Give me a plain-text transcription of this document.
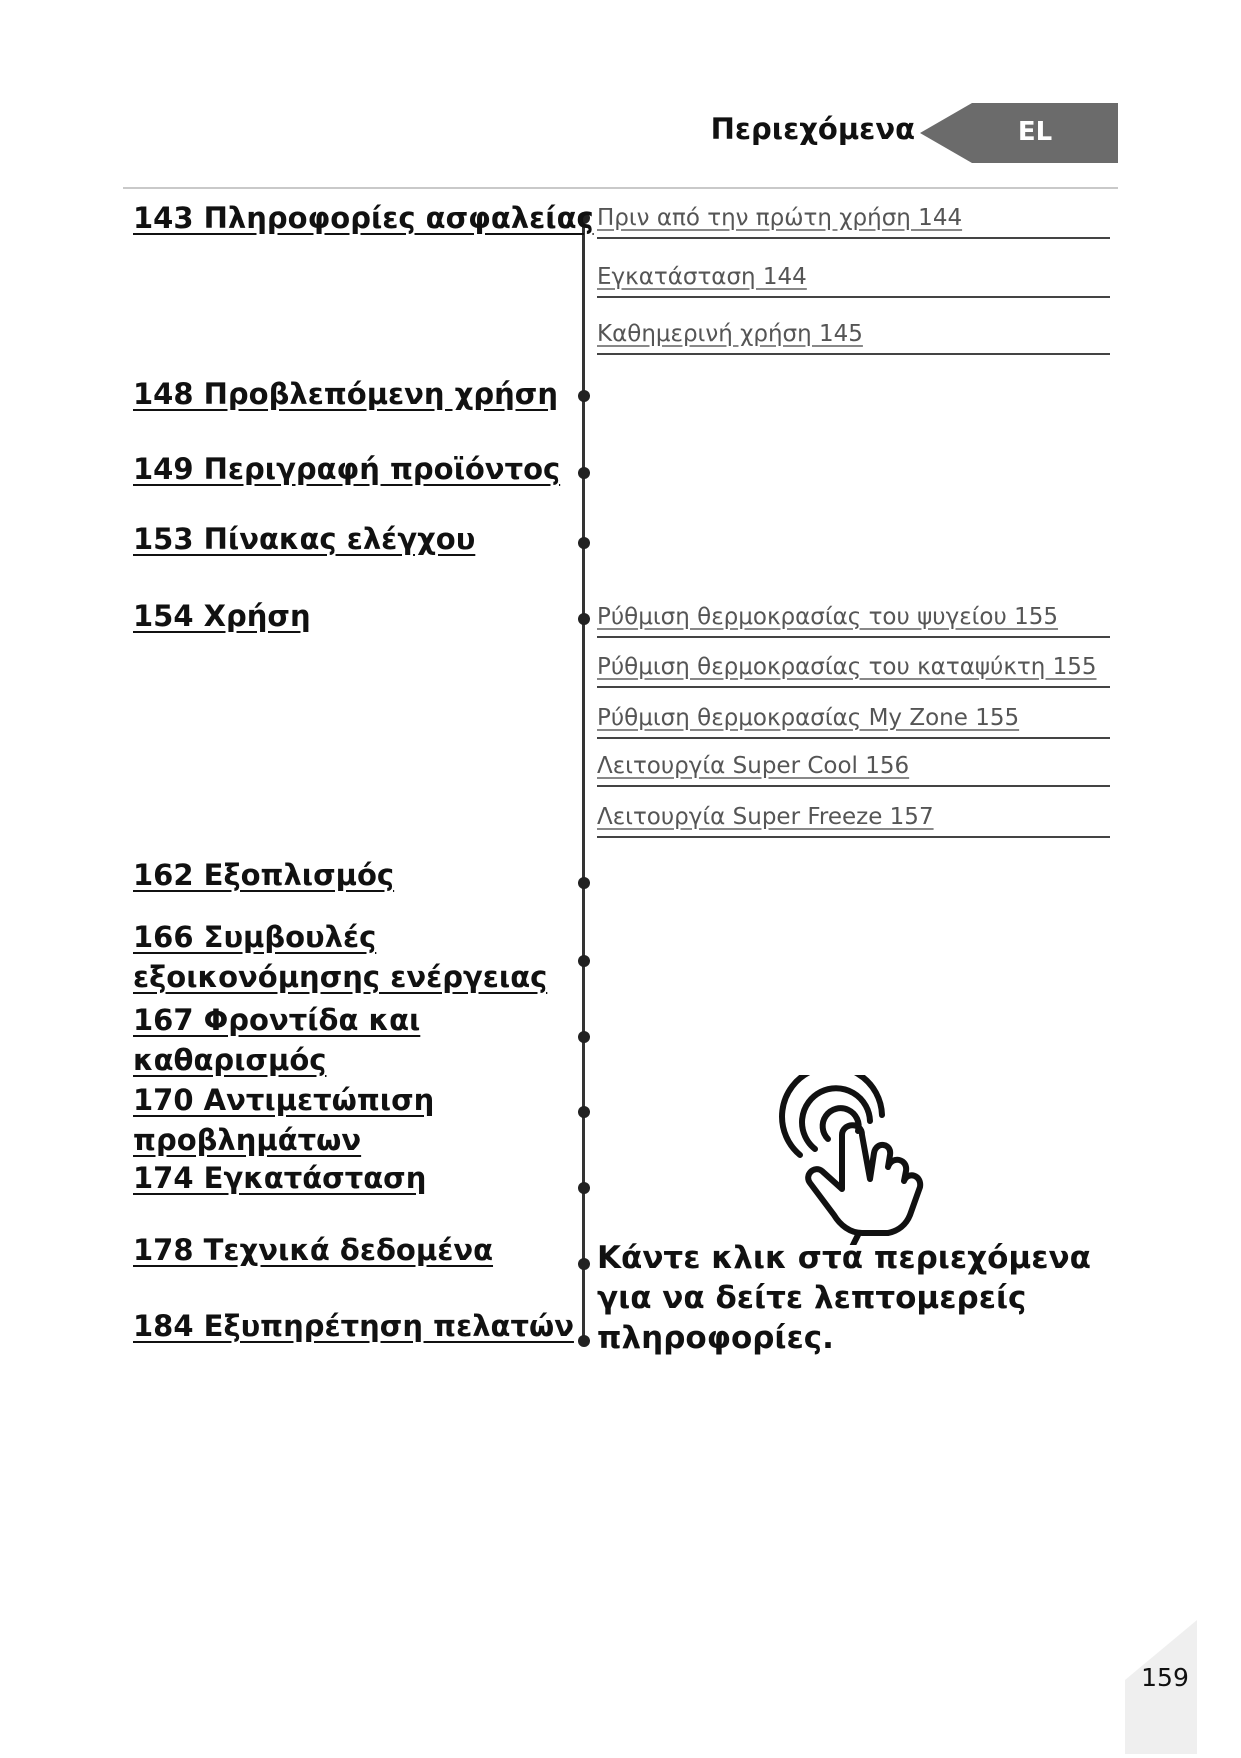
Περιεχόμενα	EL
143 Πληροφορίες ασφαλείας
148 Προβλεπόμενη χρήση
149 Περιγραφή προϊόντος
153 Πίνακας ελέγχου
154 Χρήση
162 Εξοπλισμός
166 Συμβουλές εξοικονόμησης ενέργειας
167 Φροντίδα και καθαρισμός
170 Αντιμετώπιση προβλημάτων
174 Εγκατάσταση
178 Τεχνικά δεδομένα
184 Εξυπηρέτηση πελατών
Πριν από την πρώτη χρήση 144
Εγκατάσταση 144
Καθημερινή χρήση 145
Ρύθμιση θερμοκρασίας του ψυγείου 155
Ρύθμιση θερμοκρασίας του καταψύκτη 155
Ρύθμιση θερμοκρασίας My Zone 155
Λειτουργία Super Cool 156
Λειτουργία Super Freeze 157
Κάντε κλικ στα περιεχόμενα για να δείτε λεπτομερείς πληροφορίες.
159
